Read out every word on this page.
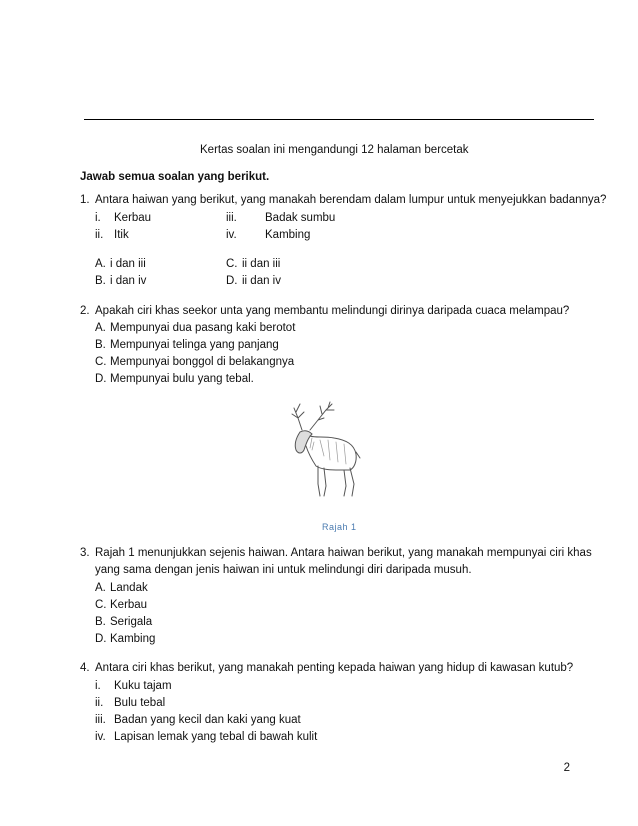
Kertas soalan ini mengandungi 12 halaman bercetak
Jawab semua soalan yang berikut.
1. Antara haiwan yang berikut, yang manakah berendam dalam lumpur untuk menyejukkan badannya?
i. Kerbau
ii. Itik
iii. Badak sumbu
iv. Kambing
A. i dan iii
B. i dan iv
C. ii dan iii
D. ii dan iv
2. Apakah ciri khas seekor unta yang membantu melindungi dirinya daripada cuaca melampau?
A. Mempunyai dua pasang kaki berotot
B. Mempunyai telinga yang panjang
C. Mempunyai bonggol di belakangnya
D. Mempunyai bulu yang tebal.
Rajah 1
3. Rajah 1 menunjukkan sejenis haiwan. Antara haiwan berikut, yang manakah mempunyai ciri khas
yang sama dengan jenis haiwan ini untuk melindungi diri daripada musuh.
A. Landak
C. Kerbau
B. Serigala
D. Kambing
4. Antara ciri khas berikut, yang manakah penting kepada haiwan yang hidup di kawasan kutub?
i. Kuku tajam
ii. Bulu tebal
iii. Badan yang kecil dan kaki yang kuat
iv. Lapisan lemak yang tebal di bawah kulit
2
